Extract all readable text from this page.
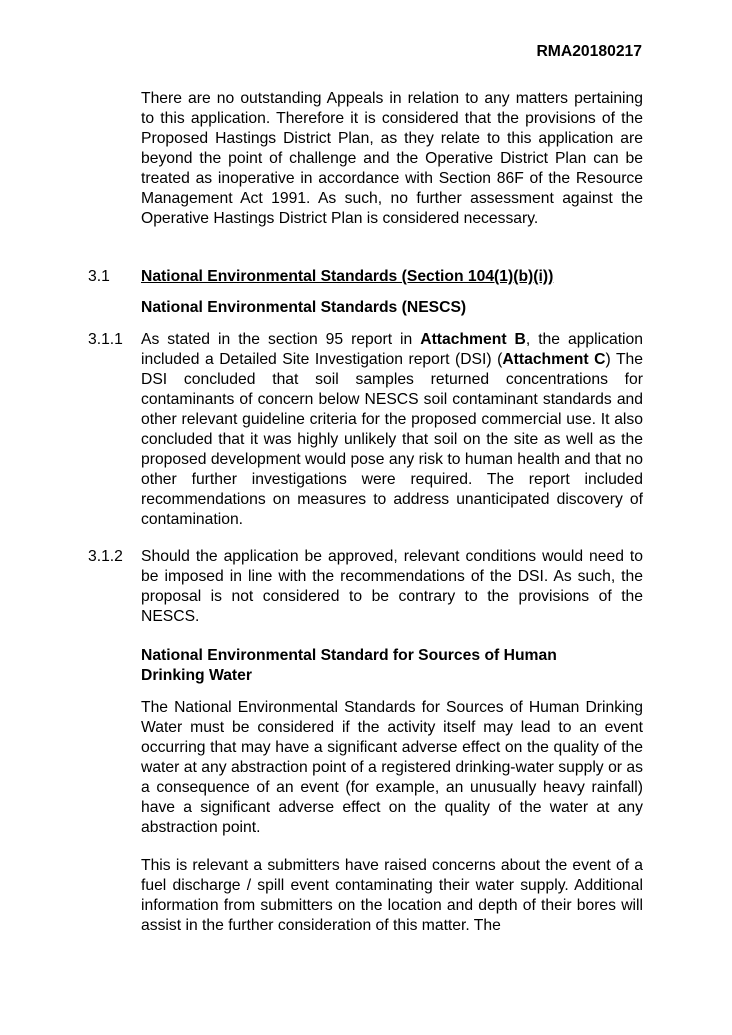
RMA20180217

There are no outstanding Appeals in relation to any matters pertaining to this application. Therefore it is considered that the provisions of the Proposed Hastings District Plan, as they relate to this application are beyond the point of challenge and the Operative District Plan can be treated as inoperative in accordance with Section 86F of the Resource Management Act 1991. As such, no further assessment against the Operative Hastings District Plan is considered necessary.

3.1 National Environmental Standards (Section 104(1)(b)(i))

National Environmental Standards (NESCS)

3.1.1 As stated in the section 95 report in Attachment B, the application included a Detailed Site Investigation report (DSI) (Attachment C) The DSI concluded that soil samples returned concentrations for contaminants of concern below NESCS soil contaminant standards and other relevant guideline criteria for the proposed commercial use. It also concluded that it was highly unlikely that soil on the site as well as the proposed development would pose any risk to human health and that no other further investigations were required. The report included recommendations on measures to address unanticipated discovery of contamination.

3.1.2 Should the application be approved, relevant conditions would need to be imposed in line with the recommendations of the DSI. As such, the proposal is not considered to be contrary to the provisions of the NESCS.

National Environmental Standard for Sources of Human
Drinking Water

The National Environmental Standards for Sources of Human Drinking Water must be considered if the activity itself may lead to an event occurring that may have a significant adverse effect on the quality of the water at any abstraction point of a registered drinking-water supply or as a consequence of an event (for example, an unusually heavy rainfall) have a significant adverse effect on the quality of the water at any abstraction point.

This is relevant a submitters have raised concerns about the event of a fuel discharge / spill event contaminating their water supply. Additional information from submitters on the location and depth of their bores will assist in the further consideration of this matter. The
